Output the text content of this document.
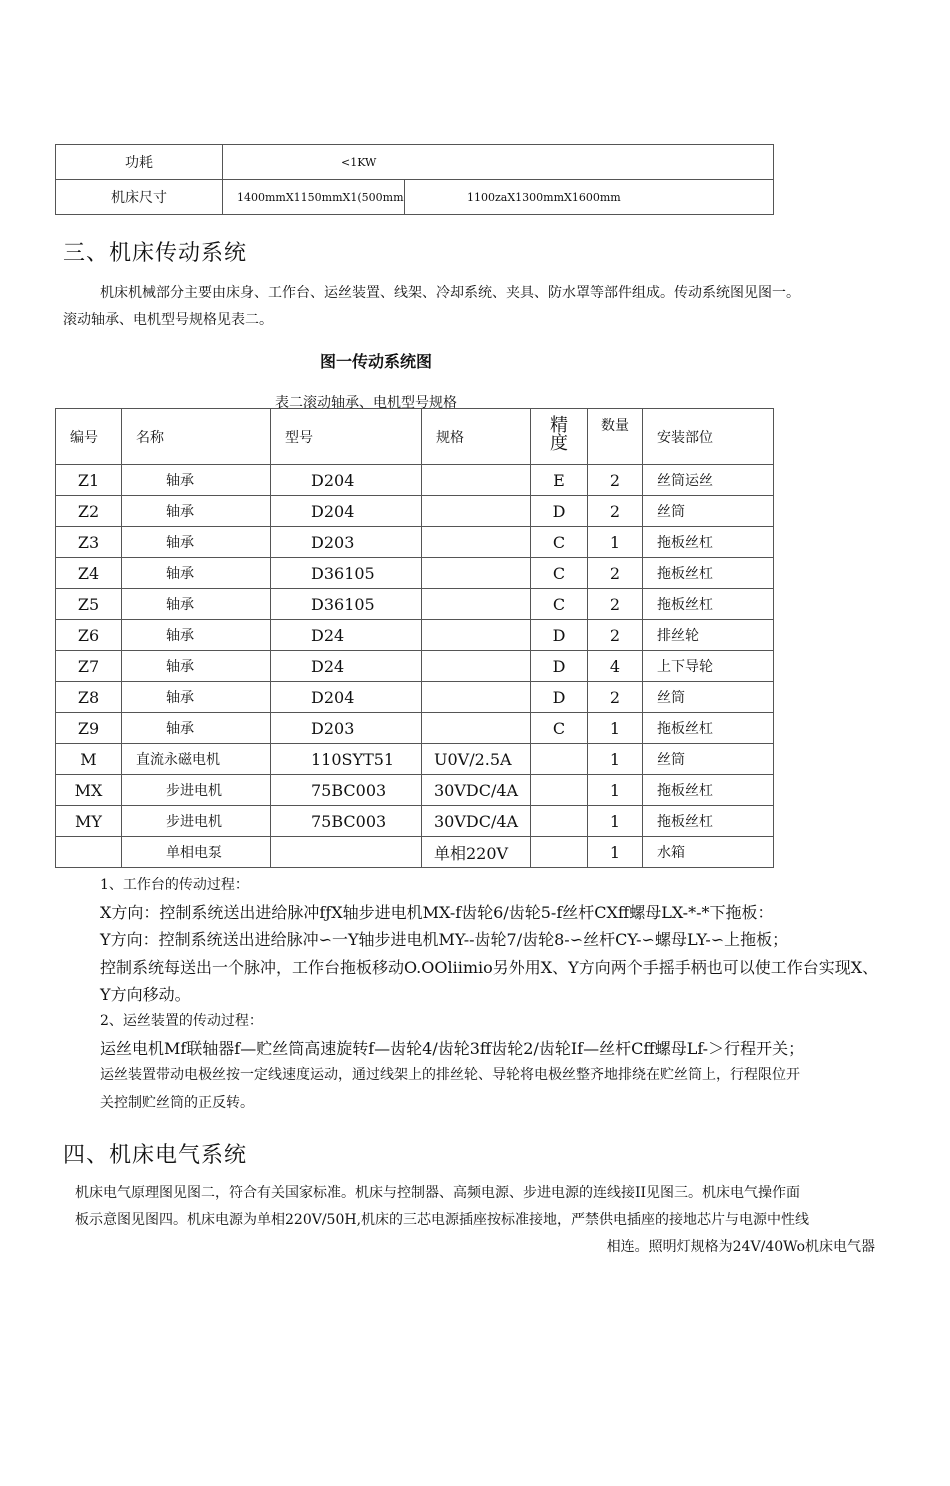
功耗	<1KW	
机床尺寸	1400mmX1150mmX1(500mm	1100zaX1300mmX1600mm
三、机床传动系统
机床机械部分主要由床身、工作台、运丝装置、线架、冷却系统、夹具、防水罩等部件组成。传动系统图见图一。
滚动轴承、电机型号规格见表二。
图一传动系统图
表二滚动轴承、电机型号规格
编号	名称	型号	规格	精度	数量	安装部位
Z1	轴承	D204		E	2	丝筒运丝
Z2	轴承	D204		D	2	丝筒
Z3	轴承	D203		C	1	拖板丝杠
Z4	轴承	D36105		C	2	拖板丝杠
Z5	轴承	D36105		C	2	拖板丝杠
Z6	轴承	D24		D	2	排丝轮
Z7	轴承	D24		D	4	上下导轮
Z8	轴承	D204		D	2	丝筒
Z9	轴承	D203		C	1	拖板丝杠
M	直流永磁电机	110SYT51	U0V/2.5A		1	丝筒
MX	步进电机	75BC003	30VDC/4A		1	拖板丝杠
MY	步进电机	75BC003	30VDC/4A		1	拖板丝杠
	单相电泵		单相220V		1	水箱
1、工作台的传动过程：
X方向：控制系统送出进给脉冲fƒX轴步进电机MX-f齿轮6/齿轮5-f丝杆CXff螺母LX-*-*下拖板：
Y方向：控制系统送出进给脉冲∽一Y轴步进电机MY--齿轮7/齿轮8-∽丝杆CY-∽螺母LY-∽上拖板；
控制系统每送出一个脉冲，工作台拖板移动O.OOliimio另外用X、Y方向两个手摇手柄也可以使工作台实现X、
Y方向移动。
2、运丝装置的传动过程：
运丝电机Mf联轴器f—贮丝筒高速旋转f—齿轮4/齿轮3ff齿轮2/齿轮If—丝杆Cff螺母Lf-＞行程开关；
运丝装置带动电极丝按一定线速度运动，通过线架上的排丝轮、导轮将电极丝整齐地排绕在贮丝筒上，行程限位开
关控制贮丝筒的正反转。
四、机床电气系统
机床电气原理图见图二，符合有关国家标准。机床与控制器、高频电源、步进电源的连线接II见图三。机床电气操作面
板示意图见图四。机床电源为单相220V/50H,机床的三芯电源插座按标准接地，严禁供电插座的接地芯片与电源中性线
相连。照明灯规格为24V/40Wo机床电气器
